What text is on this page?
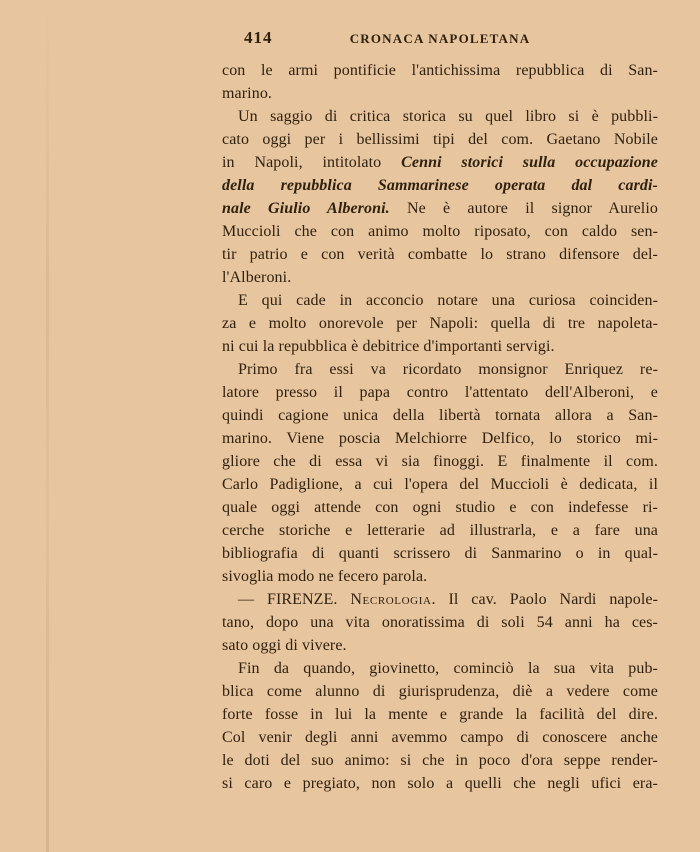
414	CRONACA NAPOLETANA

con le armi pontificie l'antichissima repubblica di San-
marino.

Un saggio di critica storica su quel libro si è pubbli-
cato oggi per i bellissimi tipi del com. Gaetano Nobile
in Napoli, intitolato Cenni storici sulla occupazione
della repubblica Sammarinese operata dal cardi-
nale Giulio Alberoni. Ne è autore il signor Aurelio
Muccioli che con animo molto riposato, con caldo sen-
tir patrio e con verità combatte lo strano difensore del-
l'Alberoni.

E qui cade in acconcio notare una curiosa coinciden-
za e molto onorevole per Napoli: quella di tre napoleta-
ni cui la repubblica è debitrice d'importanti servigi.

Primo fra essi va ricordato monsignor Enriquez re-
latore presso il papa contro l'attentato dell'Alberoni, e
quindi cagione unica della libertà tornata allora a San-
marino. Viene poscia Melchiorre Delfico, lo storico mi-
gliore che di essa vi sia finoggi. E finalmente il com.
Carlo Padiglione, a cui l'opera del Muccioli è dedicata, il
quale oggi attende con ogni studio e con indefesse ri-
cerche storiche e letterarie ad illustrarla, e a fare una
bibliografia di quanti scrissero di Sanmarino o in qual-
sivoglia modo ne fecero parola.

— FIRENZE. Necrologia. Il cav. Paolo Nardi napole-
tano, dopo una vita onoratissima di soli 54 anni ha ces-
sato oggi di vivere.

Fin da quando, giovinetto, cominciò la sua vita pub-
blica come alunno di giurisprudenza, diè a vedere come
forte fosse in lui la mente e grande la facilità del dire.
Col venir degli anni avemmo campo di conoscere anche
le doti del suo animo: si che in poco d'ora seppe render-
si caro e pregiato, non solo a quelli che negli ufici era-
